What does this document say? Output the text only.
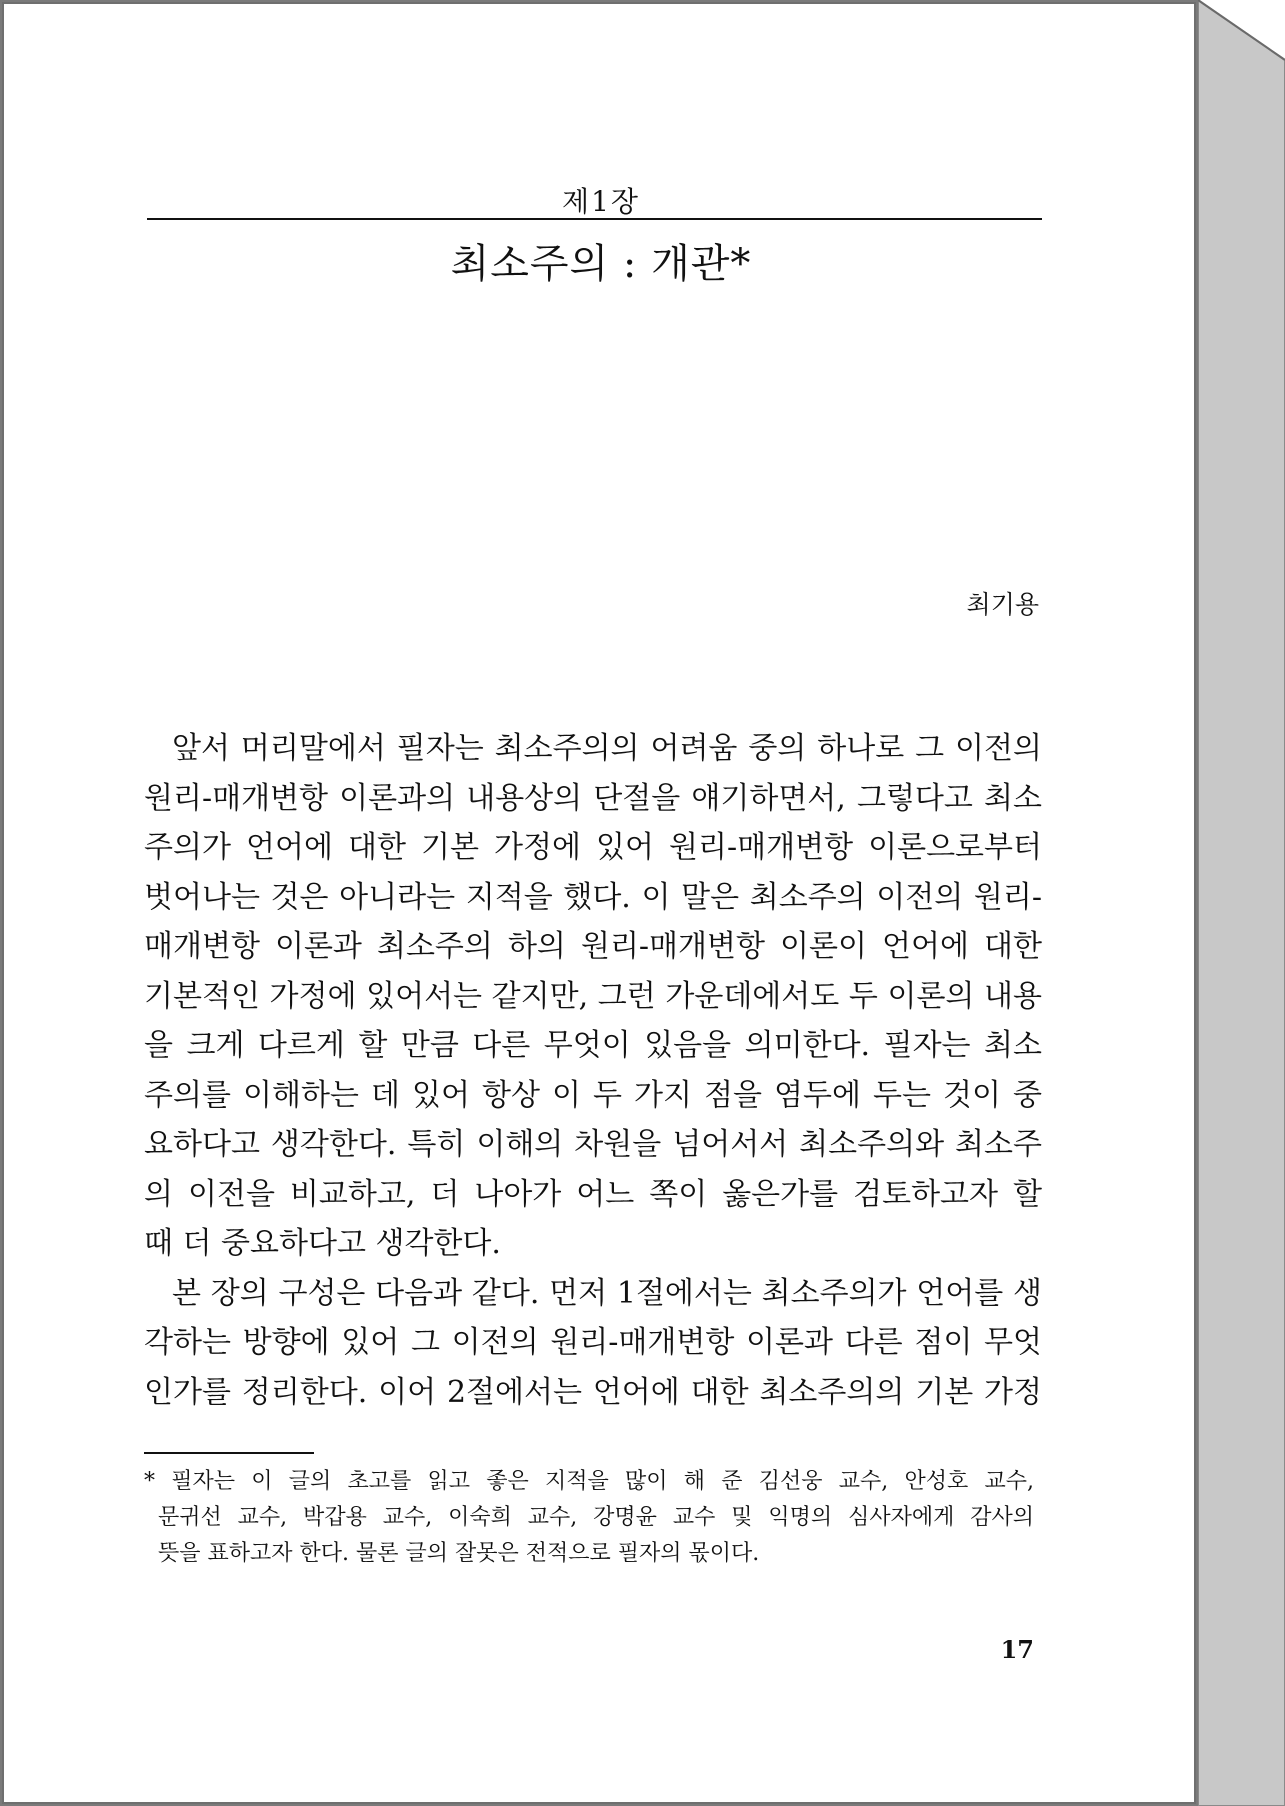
제1장
최소주의 : 개관*
최기용
앞서 머리말에서 필자는 최소주의의 어려움 중의 하나로 그 이전의
원리-매개변항 이론과의 내용상의 단절을 얘기하면서, 그렇다고 최소
주의가 언어에 대한 기본 가정에 있어 원리-매개변항 이론으로부터
벗어나는 것은 아니라는 지적을 했다. 이 말은 최소주의 이전의 원리-
매개변항 이론과 최소주의 하의 원리-매개변항 이론이 언어에 대한
기본적인 가정에 있어서는 같지만, 그런 가운데에서도 두 이론의 내용
을 크게 다르게 할 만큼 다른 무엇이 있음을 의미한다. 필자는 최소
주의를 이해하는 데 있어 항상 이 두 가지 점을 염두에 두는 것이 중
요하다고 생각한다. 특히 이해의 차원을 넘어서서 최소주의와 최소주
의 이전을 비교하고, 더 나아가 어느 쪽이 옳은가를 검토하고자 할
때 더 중요하다고 생각한다.
본 장의 구성은 다음과 같다. 먼저 1절에서는 최소주의가 언어를 생
각하는 방향에 있어 그 이전의 원리-매개변항 이론과 다른 점이 무엇
인가를 정리한다. 이어 2절에서는 언어에 대한 최소주의의 기본 가정
* 필자는 이 글의 초고를 읽고 좋은 지적을 많이 해 준 김선웅 교수, 안성호 교수,
문귀선 교수, 박갑용 교수, 이숙희 교수, 강명윤 교수 및 익명의 심사자에게 감사의
뜻을 표하고자 한다. 물론 글의 잘못은 전적으로 필자의 몫이다.
17
